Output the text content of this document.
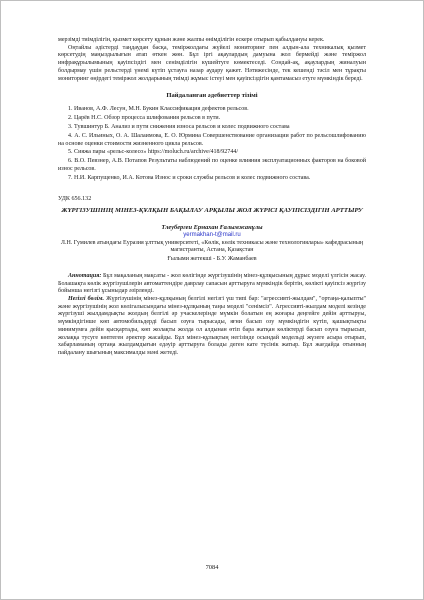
мерзімді тиімділігін, қызмет көрсету құнын және жалпы өнімділігін ескере отырып қабылдануы керек.

Оңтайлы әдістерді таңдаудан басқа, теміржолдағы жүйелі мониторинг пен алдын-ала техникалық қызмет көрсетудің маңыздылығын атап өткен жөн. Бұл іргі ақаулардың дамуына жол бермейді және теміржол инфрақұрылымының қауіпсіздігі мен сенімділігін күшейтуге көмектеседі. Сондай-ақ, ақаулардың жиналуын болдырмау үшін рельстерді үнемі күтіп ұстауға назар аудару қажет. Нәтижесінде, тек кешенді тәсіл мен тұрақты мониторинг өңірдегі теміржол жолдарының тиімді жұмыс істеуі мен қауіпсіздігін қамтамасыз етуге мүмкіндік береді.

Пайдаланған әдебиеттер тізімі
1. Иванов, А.Ф. Лесун, М.Н. Букин Классификация дефектов рельсов.
2. Царёв Н.С. Обзор процесса шлифования рельсов в пути.
3. Тувшинтур Б. Анализ и пути снижения износа рельсов и колес подвижного состава
4. А. С. Ильиных, О. А. Шалаимова, Е. О. Юрмина Совершенствование организации работ по рельсошлифованию на основе оценки стоимости жизненного цикла рельсов.
5. Сияжа пары «рельс-колесо» https://moluch.ru/archive/418/92744/
6. В.О. Певзнер, А.В. Потапов Результаты наблюдений по оценке влияния эксплуатационных факторов на боковой износ рельсов.
7. Н.И. Карпущенко, И.А. Котова Износ и сроки службы рельсов и колес подвижного состава.
УДК 656.132
ЖҮРГІЗУШІНІҢ МІНЕЗ-ҚҰЛҚЫН БАҚЫЛАУ АРҚЫЛЫ ЖОЛ ЖҮРІСІ ҚАУІПСІЗДІГІН АРТТЫРУ
Тлеубергеи Ермахан Ғалымжанұлы
yermakhan-t@mail.ru
Л.Н. Гумилев атындағы Еуразия ұлттық университеті, «Көлік, көлік техникасы және технологиялары» кафедрасының магистранты, Астана, Қазақстан
Ғылыми жетекші - Б.У. Жаманбаев

Аннотация: Бұл мақаланың мақсаты - жол көлігінде жүргізушінің мінез-құлқысының дұрыс моделі үлгісін жасау. Болашақта көлік жүргізушілерін автоматтендіре даврлау сапасын арттыруға мүмкіндік берітін, көліктi қауіпсіз жүргізу бойынша негізгі ұсыныдар әзірленді.

Негізгі бөлім. Жүргізушінің мінез-құлқының белгілі негізгі үш типі бар: "агрессивті-жылдам", "ортаңа-қалыпты" және жүргізушінің жол көлігалысындағы мінез-құлқының таңы моделі "сенімсіз". Агрессивті-жылдам моделі кезінде жүргізуші жылдамдықты жолдың белгілі әр учаскелерінде мүмкін болатын ең жоғары деңгейге дейін арттыруы, мүмкіндігінше көп автомобильдерді басып озуға тырысады, яғни басып озу мүмкіндігін күтіп, қашықтықты минимумға дейін қысқартады, көп жолақты жолда ол алдынан өтіп бара жатқан көліктерді басып озуға тырысып, жолаққа тусуге көптеген әректер жасайды. Бұл мінез-құлықтың негізінде осындай модельді жүзеге асыра отырып, хабарламаның ортаңа жылдамдығын едәуір арттыруға болады деген кате түсінік жатыр. Бұл жағдайда отынның пайдалану шығының максималды мәні жетеді.

7084
